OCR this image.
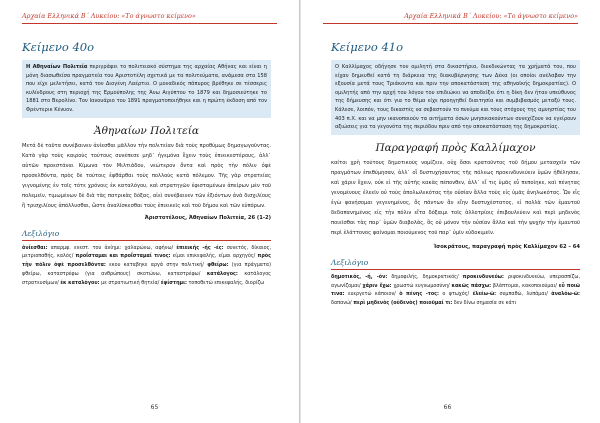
Αρχαία Ελληνικά Β΄ Λυκείου: «Το άγνωστο κείμενο»
Κείμενο 40ο
Η Αθηναίων Πολιτεία περιγράφει το πολιτειακό σύστημα της αρχαίας Αθήνας και είναι η μόνη διασωθείσα πραγματεία του Αριστοτέλη σχετικά με τα πολιτεύματα, ανάμεσα στα 158 που είχε μελετήσει, κατά τον Διογένη Λαέρτιο. Ο μοναδικός πάπυρος βρέθηκε σε τέσσερις κυλίνδρους στη περιοχή της Ερμούπολης της Άνω Αιγύπτου το 1879 και δημοσιεύτηκε το 1881 στο Βερολίνο. Τον Ιανουάριο του 1891 πραγματοποιήθηκε και η πρώτη έκδοση από τον Φρέντερικ Κένυον.
Ἀθηναίων Πολιτεία
Μετά δὲ ταῦτα συνέβαινεν ἀνίεσθαι μᾶλλον τὴν πολιτείαν διὰ τοὺς προθύμως δημαγωγοῦντας. Κατὰ γὰρ τοὺς καιροὺς τούτους συνέπεσε μηδ᾽ ἡγεμόνα ἔχειν τοὺς ἐπιεικεστέρους, ἀλλ᾽ αὐτῶν προεστάναι Κίμωνα τὸν Μιλτιάδου, νεώτερον ὄντα καὶ πρὸς τὴν πόλιν ὀψὲ προσελθόντα, πρὸς δὲ τούτοις ἐφθάρθαι τοὺς πολλοὺς κατὰ πόλεμον. Τῆς γὰρ στρατείας γιγνομένης ἐν τοῖς τότε χρόνοις ἐκ καταλόγου, καὶ στρατηγῶν ἐφισταμένων ἀπείρων μὲν τοῦ πολεμεῖν, τιμωμένων δὲ διὰ τὰς πατρικὰς δόξας, αἰεὶ συνέβαινεν τῶν ἐξιόντων ἀνὰ δισχιλίους ἢ τρισχιλίους ἀπόλλυσθαι, ὥστε ἀναλίσκεσθαι τοὺς ἐπιεικεῖς καὶ τοῦ δήμου καὶ τῶν εὐπόρων.
Ἀριστοτέλους, Ἀθηναίων Πολιτεία, 26 (1-2)
Λεξιλόγιο
ἀνίεσθαι: απαρμφ. ενεστ. του ἀνίημι: χαλαρώνω, αφήνω/ ἐπιεικής -ής -ές: συνετός, δίκαιος, μετριοπαθής, καλός/ προΐσταμαι και προΐσταμαί τινος: είμαι επικεφαλής, είμαι αρχηγός/ πρὸς τὴν πόλιν ὀψὲ προσελθόντα: εκου καταβηκε αργά στην πολιτική/ φθείρω: (για πράγματα) φθείρω, καταστρέφω (για ανθρώπους) σκοτώνω, καταστρέφω/ κατάλογος: κατάλογος στρατευσίμων/ ἐκ καταλόγου: με στρατιωτική θητεία/ ἐφίστημι: τοποθετώ επικεφαλής, διορίζω
65
Αρχαία Ελληνικά Β΄ Λυκείου: «Το άγνωστο κείμενο»
Κείμενο 41ο
Ο Καλλίμαχος οδήγησε τον ομιλητή στα δικαστήρια, διεκδικώντας τα χρήματά του, που είχαν δημευθεί κατά τη διάρκεια της διακυβέρνησης των Δέκα (οι οποίοι ανέλαβαν την εξουσία μετά τους Τριάκοντα και πριν την αποκατάσταση της αθηναϊκής δημοκρατίας). Ο ομιλητής από την αρχή του λόγου του επιδιώκει να αποδείξει ότι η δίκη δεν ήταν υπεύθυνος της δήμευσης και ότι για το θέμα είχε προηγηθεί διαιτησία και συμβιβασμός μεταξύ τους. Κάλεσε, λοιπόν, τους δικαστές να σεβαστούν το πνεύμα και τους στόχους της αμνηστίας του 403 π.Χ. και να μην ικανοποιούν τα αιτήματα όσων μνησικακούντων συνεχίζουν να εγείρουν αξιώσεις για τα γεγονότα της περιόδου πριν από την αποκατάσταση της δημοκρατίας.
Παραγραφή πρὸς Καλλίμαχον
καίτοι χρὴ τούτους δημοτικοὺς νομίζειν, οὐχ ὅσοι κρατοῦντος τοῦ δήμου μετασχεῖν τῶν πραγμάτων ἐπεθύμησαν, ἀλλ᾽ οἳ δυστυχήσαντος τῆς πόλεως προκινδυνεύειν ὑμῶν ἠθέλησαν, καὶ χάριν ἔχειν, οὐκ εἰ τῆς αὐτῆς κακὰς πέπονθεν, ἀλλ᾽ εἴ τις ὑμᾶς εὖ πεποίηκε, καὶ πένητας γενομένους ἐλεεῖν οὐ τοὺς ἀπολωλεκότας τὴν οὐσίαν ἄλλα τοὺς εἰς ὑμᾶς ἀνηλωκότας. Ὧν εἷς ἐγὼ φανήσομαι γεγενημένος, ὅς πάντων ἂν εἴην δυστυχέστατος, εἰ πολλὰ τῶν ἐμαυτοῦ δεδαπανημένος εἰς τὴν πόλιν εἴτα δόξαιμι τοῖς ἀλλοτρίοις ἐπιβουλεύειν καὶ περὶ μηδενὸς ποιεῖσθαι τὰς παρ᾽ ὑμῶν διαβολάς, ὃς οὐ μόνον τὴν οὐσίαν ἄλλα καὶ τὴν ψυχὴν τὴν ἐμαυτοῦ περὶ ἐλάττονος φαίνομαι ποιούμενος τοῦ παρ᾽ ὑμῖν εὐδοκιμεῖν.
Ἰσοκράτους, παραγραφή πρὸς Καλλίμαχον 62 – 64
Λεξιλόγιο
δημοτικός, -ή, -όν: δημοφιλής, δημοκρατικός/ προκινδυνεύω: ριψοκινδυνεύω, υπερασπίζω, αγωνίζομαι/ χάριν ἔχω: χρωστώ ευγνωμοσύνη/ κακῶς πάσχω: βλάπτομαι, κακοποιούμαι/ εὖ ποιῶ τινα: ευεργετώ κάποιον/ ὁ πένης -τος: ο φτωχός/ ἐλεέω-ῶ: συμπαθώ, λυπάμαι/ ἀναλόω-ῶ: δαπανώ/ περὶ μηδενὸς (οὐδενὸς) ποιοῦμαί τι: δεν δίνω σημασία σε κάτι
66
